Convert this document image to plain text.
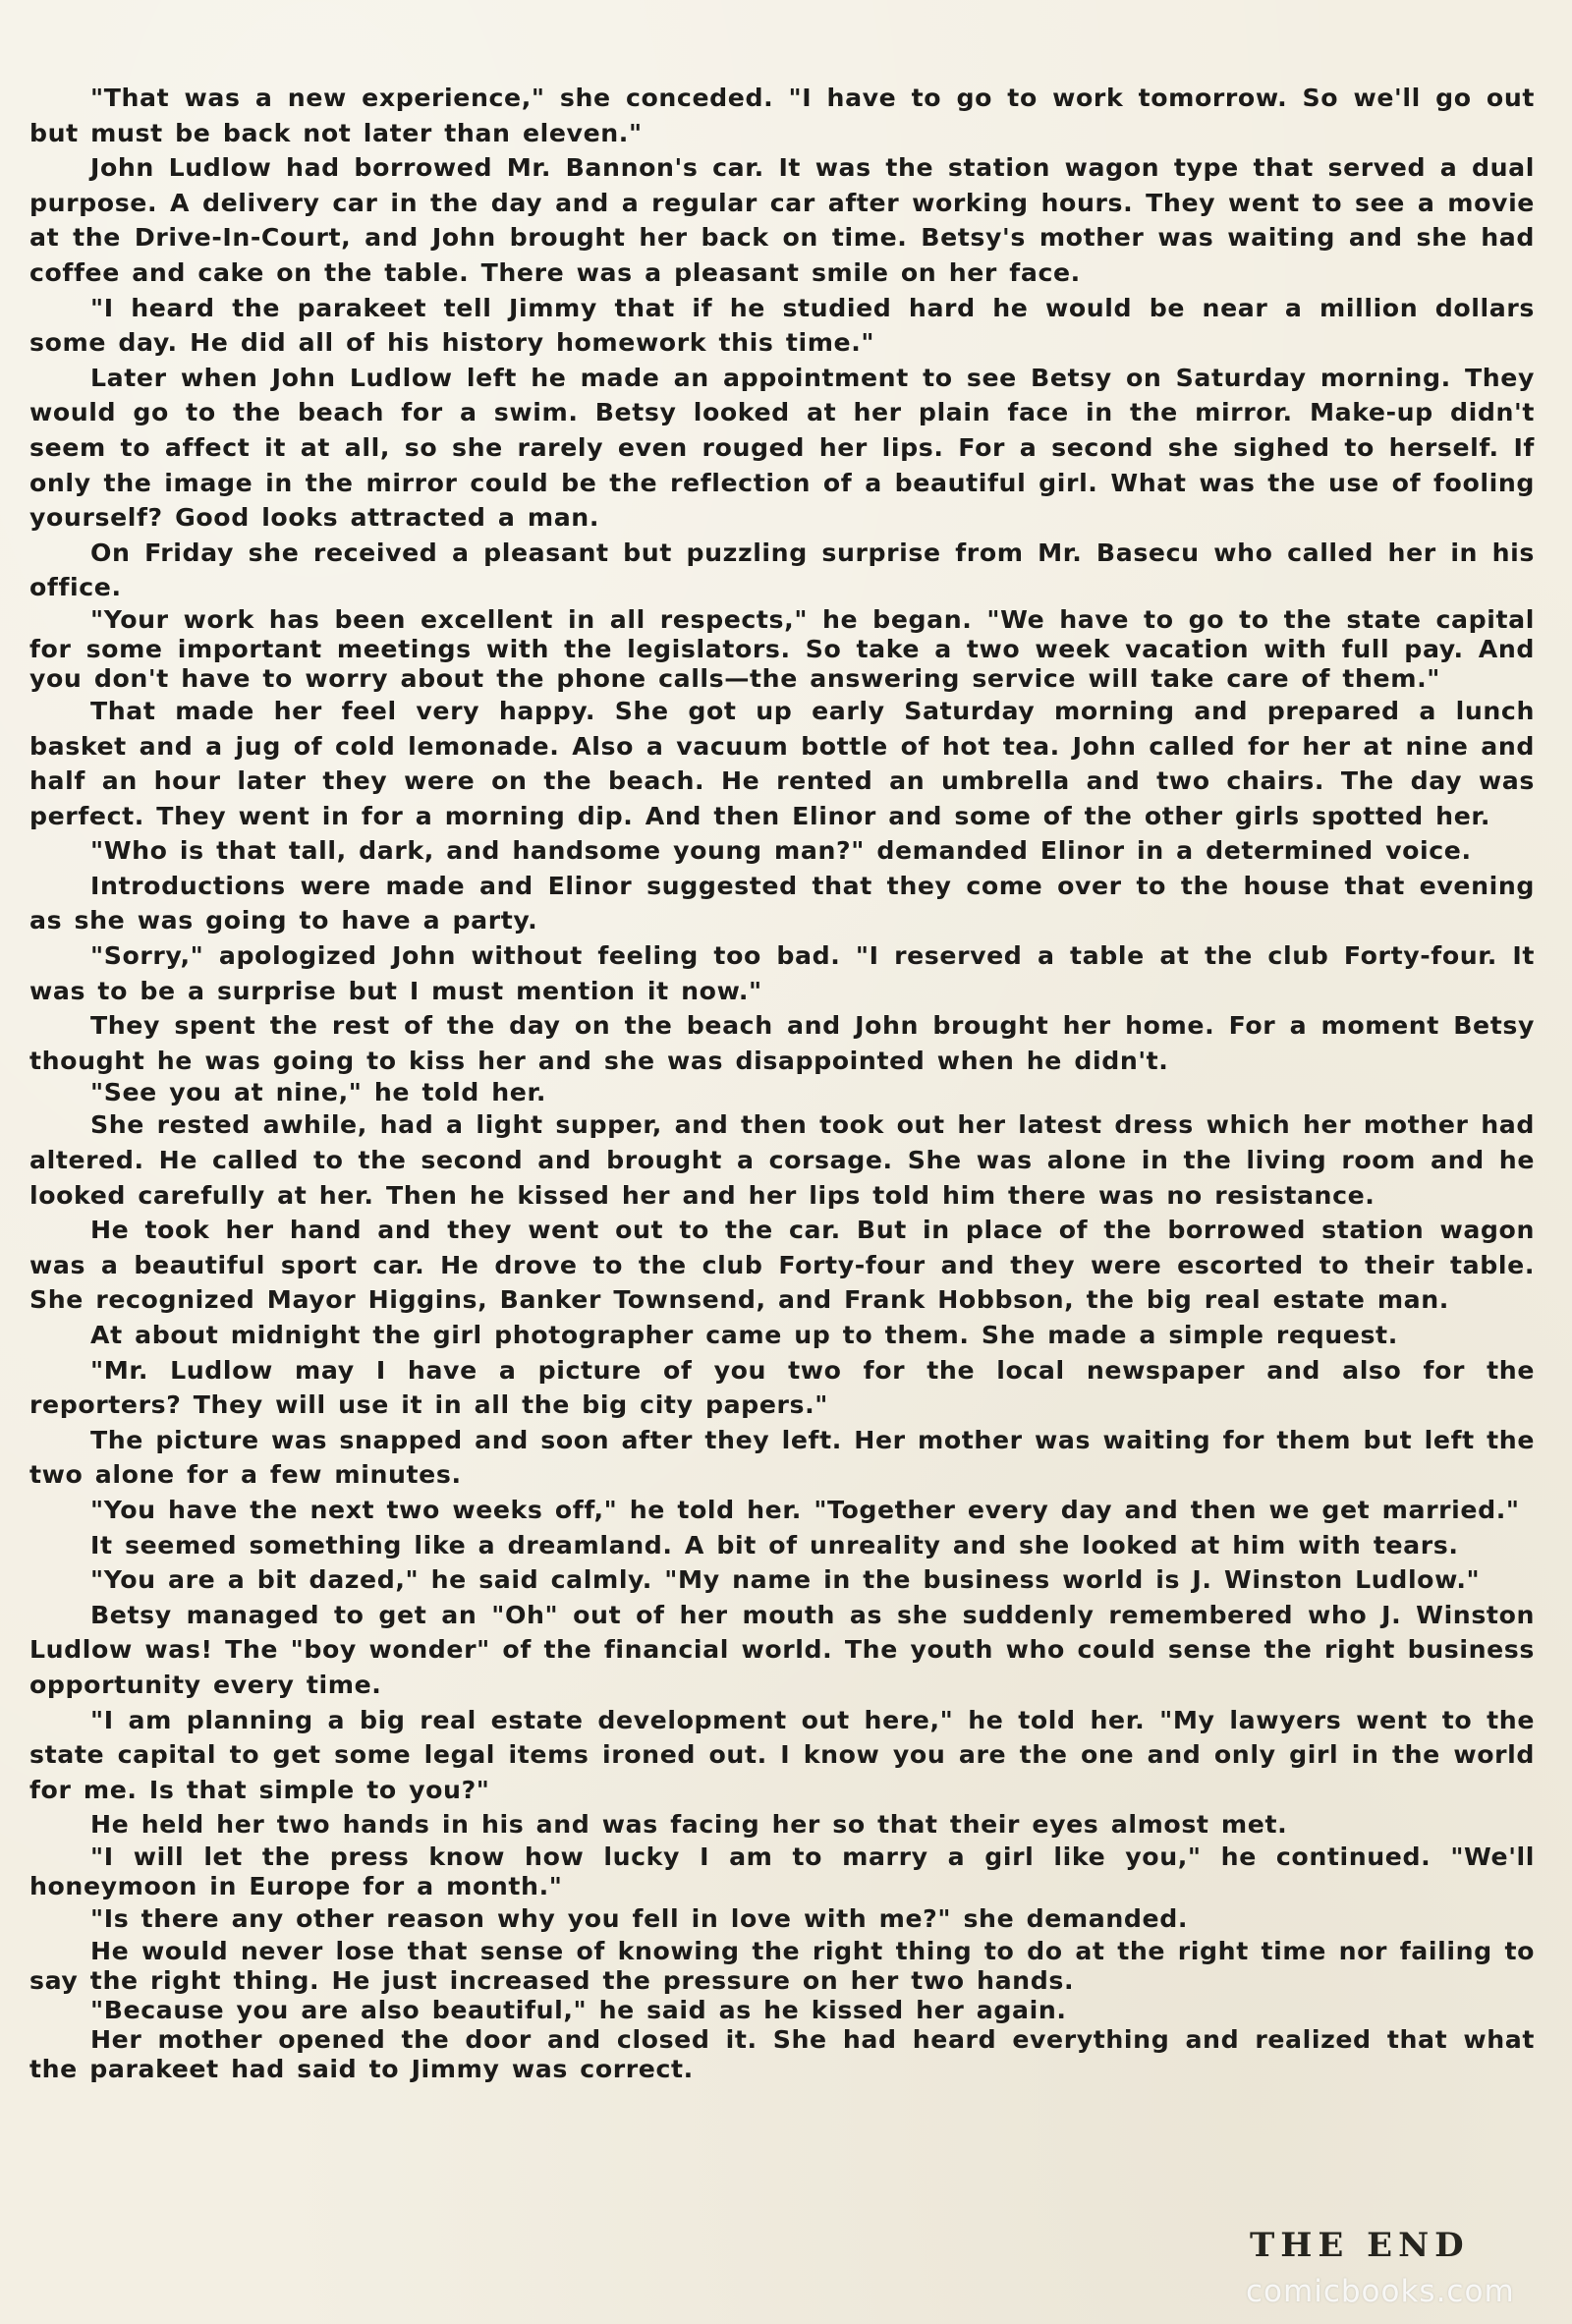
"That was a new experience," she conceded. "I have to go to work tomorrow. So we'll go out but must be back not later than eleven."

John Ludlow had borrowed Mr. Bannon's car. It was the station wagon type that served a dual purpose. A delivery car in the day and a regular car after working hours. They went to see a movie at the Drive-In-Court, and John brought her back on time. Betsy's mother was waiting and she had coffee and cake on the table. There was a pleasant smile on her face.

"I heard the parakeet tell Jimmy that if he studied hard he would be near a million dollars some day. He did all of his history homework this time."

Later when John Ludlow left he made an appointment to see Betsy on Saturday morning. They would go to the beach for a swim. Betsy looked at her plain face in the mirror. Make-up didn't seem to affect it at all, so she rarely even rouged her lips. For a second she sighed to herself. If only the image in the mirror could be the reflection of a beautiful girl. What was the use of fooling yourself? Good looks attracted a man.

On Friday she received a pleasant but puzzling surprise from Mr. Basecu who called her in his office.

"Your work has been excellent in all respects," he began. "We have to go to the state capital for some important meetings with the legislators. So take a two week vacation with full pay. And you don't have to worry about the phone calls—the answering service will take care of them."

That made her feel very happy. She got up early Saturday morning and prepared a lunch basket and a jug of cold lemonade. Also a vacuum bottle of hot tea. John called for her at nine and half an hour later they were on the beach. He rented an umbrella and two chairs. The day was perfect. They went in for a morning dip. And then Elinor and some of the other girls spotted her.

"Who is that tall, dark, and handsome young man?" demanded Elinor in a determined voice.

Introductions were made and Elinor suggested that they come over to the house that evening as she was going to have a party.

"Sorry," apologized John without feeling too bad. "I reserved a table at the club Forty-four. It was to be a surprise but I must mention it now."

They spent the rest of the day on the beach and John brought her home. For a moment Betsy thought he was going to kiss her and she was disappointed when he didn't.

"See you at nine," he told her.

She rested awhile, had a light supper, and then took out her latest dress which her mother had altered. He called to the second and brought a corsage. She was alone in the living room and he looked carefully at her. Then he kissed her and her lips told him there was no resistance.

He took her hand and they went out to the car. But in place of the borrowed station wagon was a beautiful sport car. He drove to the club Forty-four and they were escorted to their table. She recognized Mayor Higgins, Banker Townsend, and Frank Hobbson, the big real estate man.

At about midnight the girl photographer came up to them. She made a simple request.

"Mr. Ludlow may I have a picture of you two for the local newspaper and also for the reporters? They will use it in all the big city papers."

The picture was snapped and soon after they left. Her mother was waiting for them but left the two alone for a few minutes.

"You have the next two weeks off," he told her. "Together every day and then we get married."

It seemed something like a dreamland. A bit of unreality and she looked at him with tears.

"You are a bit dazed," he said calmly. "My name in the business world is J. Winston Ludlow."

Betsy managed to get an "Oh" out of her mouth as she suddenly remembered who J. Winston Ludlow was! The "boy wonder" of the financial world. The youth who could sense the right business opportunity every time.

"I am planning a big real estate development out here," he told her. "My lawyers went to the state capital to get some legal items ironed out. I know you are the one and only girl in the world for me. Is that simple to you?"

He held her two hands in his and was facing her so that their eyes almost met.

"I will let the press know how lucky I am to marry a girl like you," he continued. "We'll honeymoon in Europe for a month."

"Is there any other reason why you fell in love with me?" she demanded.

He would never lose that sense of knowing the right thing to do at the right time nor failing to say the right thing. He just increased the pressure on her two hands.

"Because you are also beautiful," he said as he kissed her again.

Her mother opened the door and closed it. She had heard everything and realized that what the parakeet had said to Jimmy was correct.

THE END
comicbooks.com
